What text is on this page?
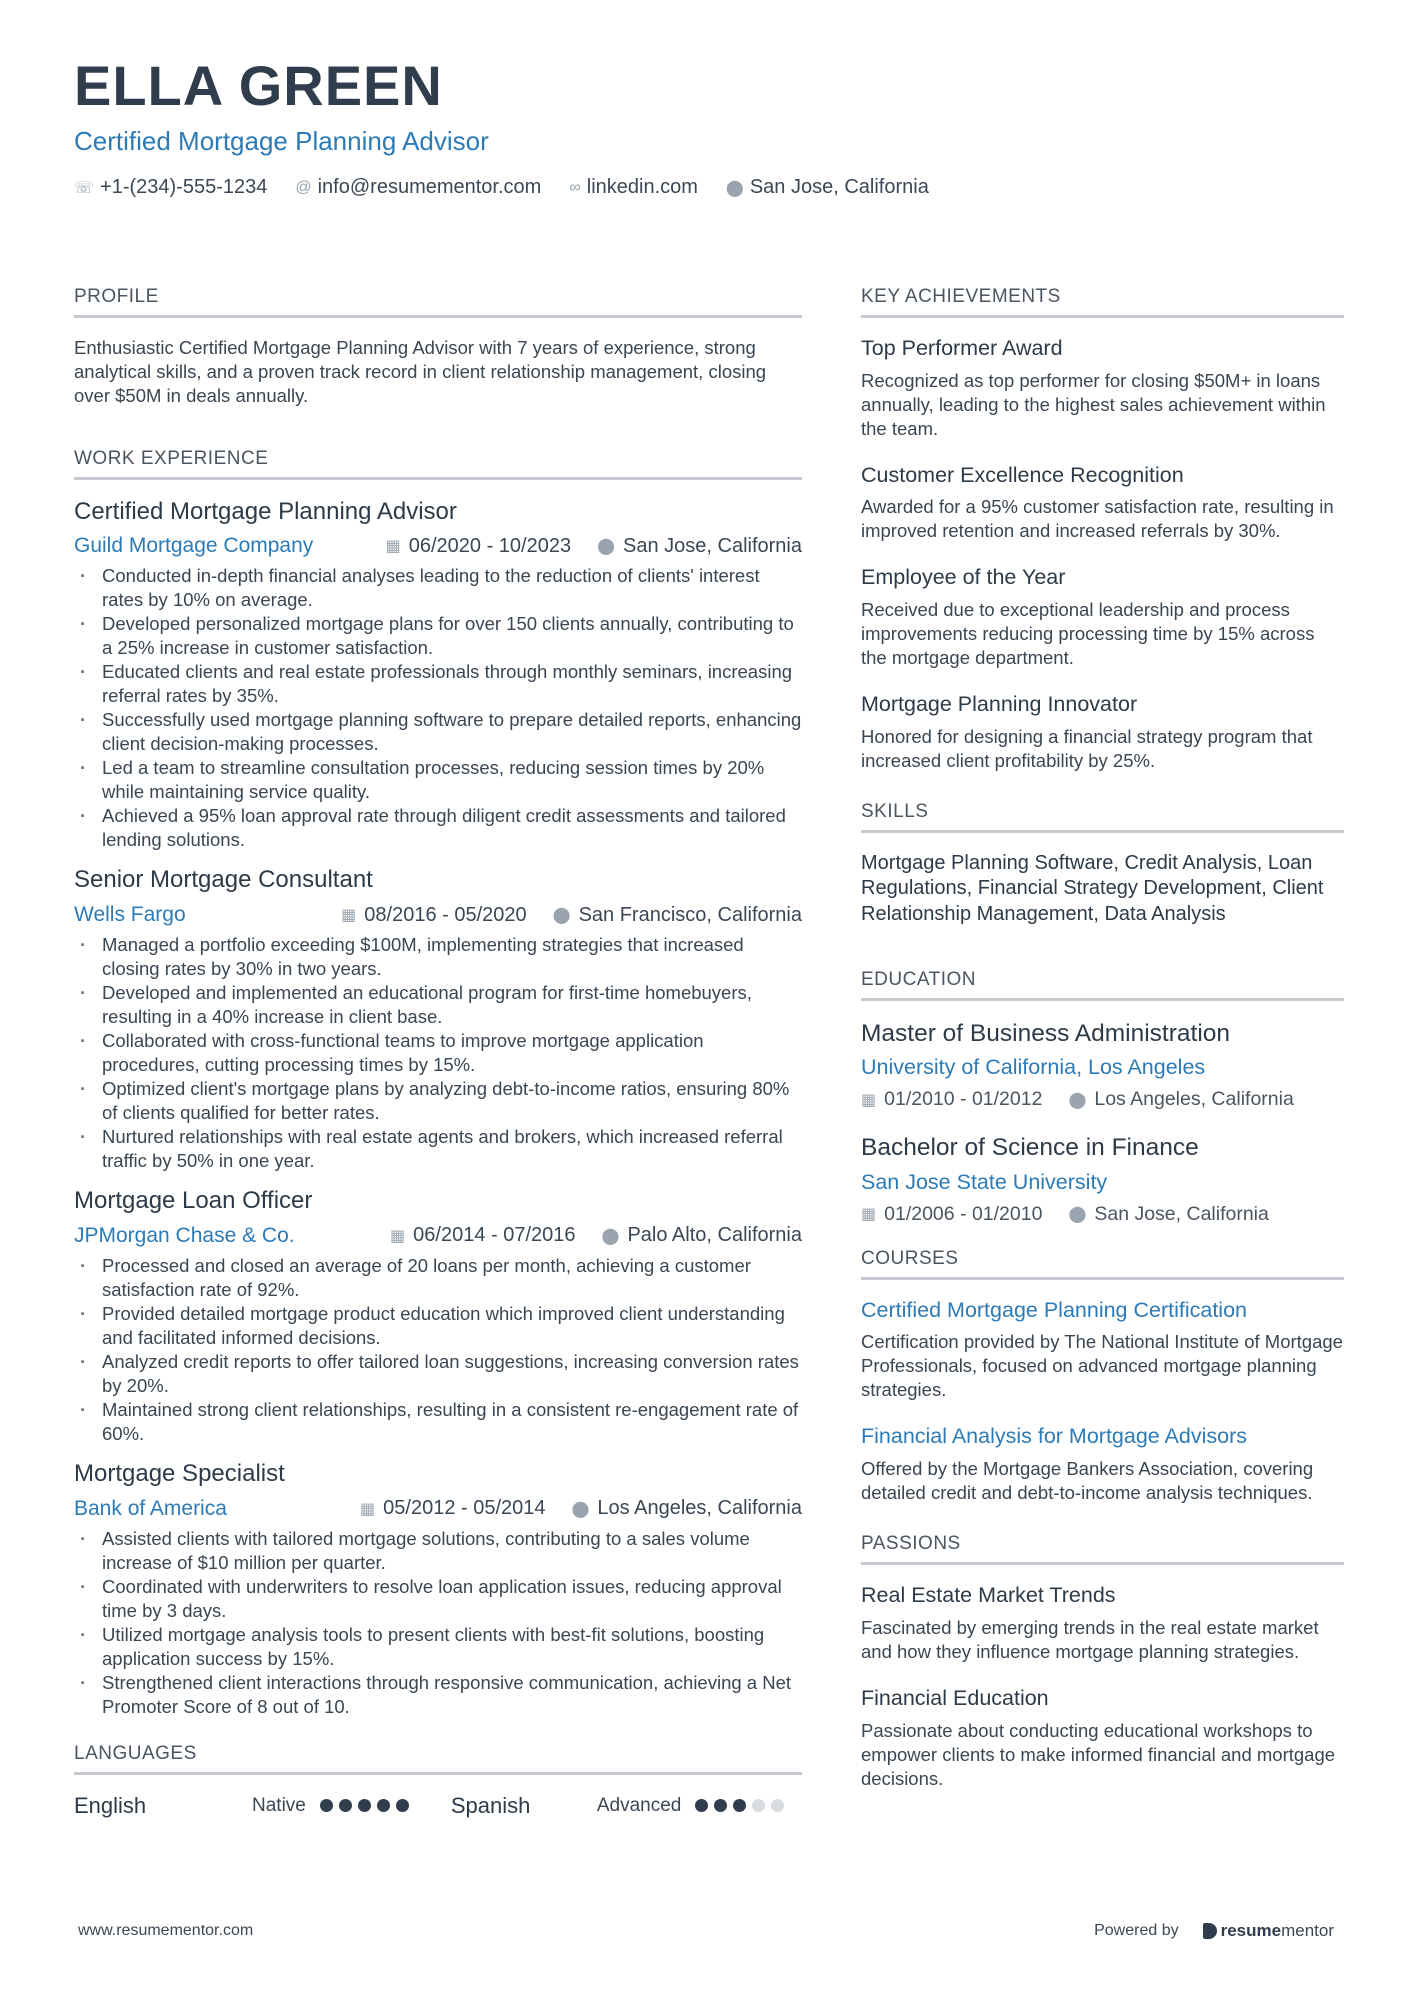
ELLA GREEN
Certified Mortgage Planning Advisor
☏ +1-(234)-555-1234 @ info@resumementor.com ∞ linkedin.com ⬤ San Jose, California
PROFILE
Enthusiastic Certified Mortgage Planning Advisor with 7 years of experience, strong analytical skills, and a proven track record in client relationship management, closing over $50M in deals annually.
WORK EXPERIENCE
Certified Mortgage Planning Advisor
Guild Mortgage Company	▦ 06/2020 - 10/2023 ⬤ San Jose, California
· Conducted in-depth financial analyses leading to the reduction of clients' interest rates by 10% on average.
· Developed personalized mortgage plans for over 150 clients annually, contributing to a 25% increase in customer satisfaction.
· Educated clients and real estate professionals through monthly seminars, increasing referral rates by 35%.
· Successfully used mortgage planning software to prepare detailed reports, enhancing client decision-making processes.
· Led a team to streamline consultation processes, reducing session times by 20% while maintaining service quality.
· Achieved a 95% loan approval rate through diligent credit assessments and tailored lending solutions.
Senior Mortgage Consultant
Wells Fargo	▦ 08/2016 - 05/2020 ⬤ San Francisco, California
· Managed a portfolio exceeding $100M, implementing strategies that increased closing rates by 30% in two years.
· Developed and implemented an educational program for first-time homebuyers, resulting in a 40% increase in client base.
· Collaborated with cross-functional teams to improve mortgage application procedures, cutting processing times by 15%.
· Optimized client's mortgage plans by analyzing debt-to-income ratios, ensuring 80% of clients qualified for better rates.
· Nurtured relationships with real estate agents and brokers, which increased referral traffic by 50% in one year.
Mortgage Loan Officer
JPMorgan Chase & Co.	▦ 06/2014 - 07/2016 ⬤ Palo Alto, California
· Processed and closed an average of 20 loans per month, achieving a customer satisfaction rate of 92%.
· Provided detailed mortgage product education which improved client understanding and facilitated informed decisions.
· Analyzed credit reports to offer tailored loan suggestions, increasing conversion rates by 20%.
· Maintained strong client relationships, resulting in a consistent re-engagement rate of 60%.
Mortgage Specialist
Bank of America	▦ 05/2012 - 05/2014 ⬤ Los Angeles, California
· Assisted clients with tailored mortgage solutions, contributing to a sales volume increase of $10 million per quarter.
· Coordinated with underwriters to resolve loan application issues, reducing approval time by 3 days.
· Utilized mortgage analysis tools to present clients with best-fit solutions, boosting application success by 15%.
· Strengthened client interactions through responsive communication, achieving a Net Promoter Score of 8 out of 10.
LANGUAGES
English	Native	Spanish	Advanced
KEY ACHIEVEMENTS
Top Performer Award
Recognized as top performer for closing $50M+ in loans annually, leading to the highest sales achievement within the team.
Customer Excellence Recognition
Awarded for a 95% customer satisfaction rate, resulting in improved retention and increased referrals by 30%.
Employee of the Year
Received due to exceptional leadership and process improvements reducing processing time by 15% across the mortgage department.
Mortgage Planning Innovator
Honored for designing a financial strategy program that increased client profitability by 25%.
SKILLS
Mortgage Planning Software, Credit Analysis, Loan Regulations, Financial Strategy Development, Client Relationship Management, Data Analysis
EDUCATION
Master of Business Administration
University of California, Los Angeles
▦ 01/2010 - 01/2012 ⬤ Los Angeles, California
Bachelor of Science in Finance
San Jose State University
▦ 01/2006 - 01/2010 ⬤ San Jose, California
COURSES
Certified Mortgage Planning Certification
Certification provided by The National Institute of Mortgage Professionals, focused on advanced mortgage planning strategies.
Financial Analysis for Mortgage Advisors
Offered by the Mortgage Bankers Association, covering detailed credit and debt-to-income analysis techniques.
PASSIONS
Real Estate Market Trends
Fascinated by emerging trends in the real estate market and how they influence mortgage planning strategies.
Financial Education
Passionate about conducting educational workshops to empower clients to make informed financial and mortgage decisions.
www.resumementor.com	Powered by resumementor
